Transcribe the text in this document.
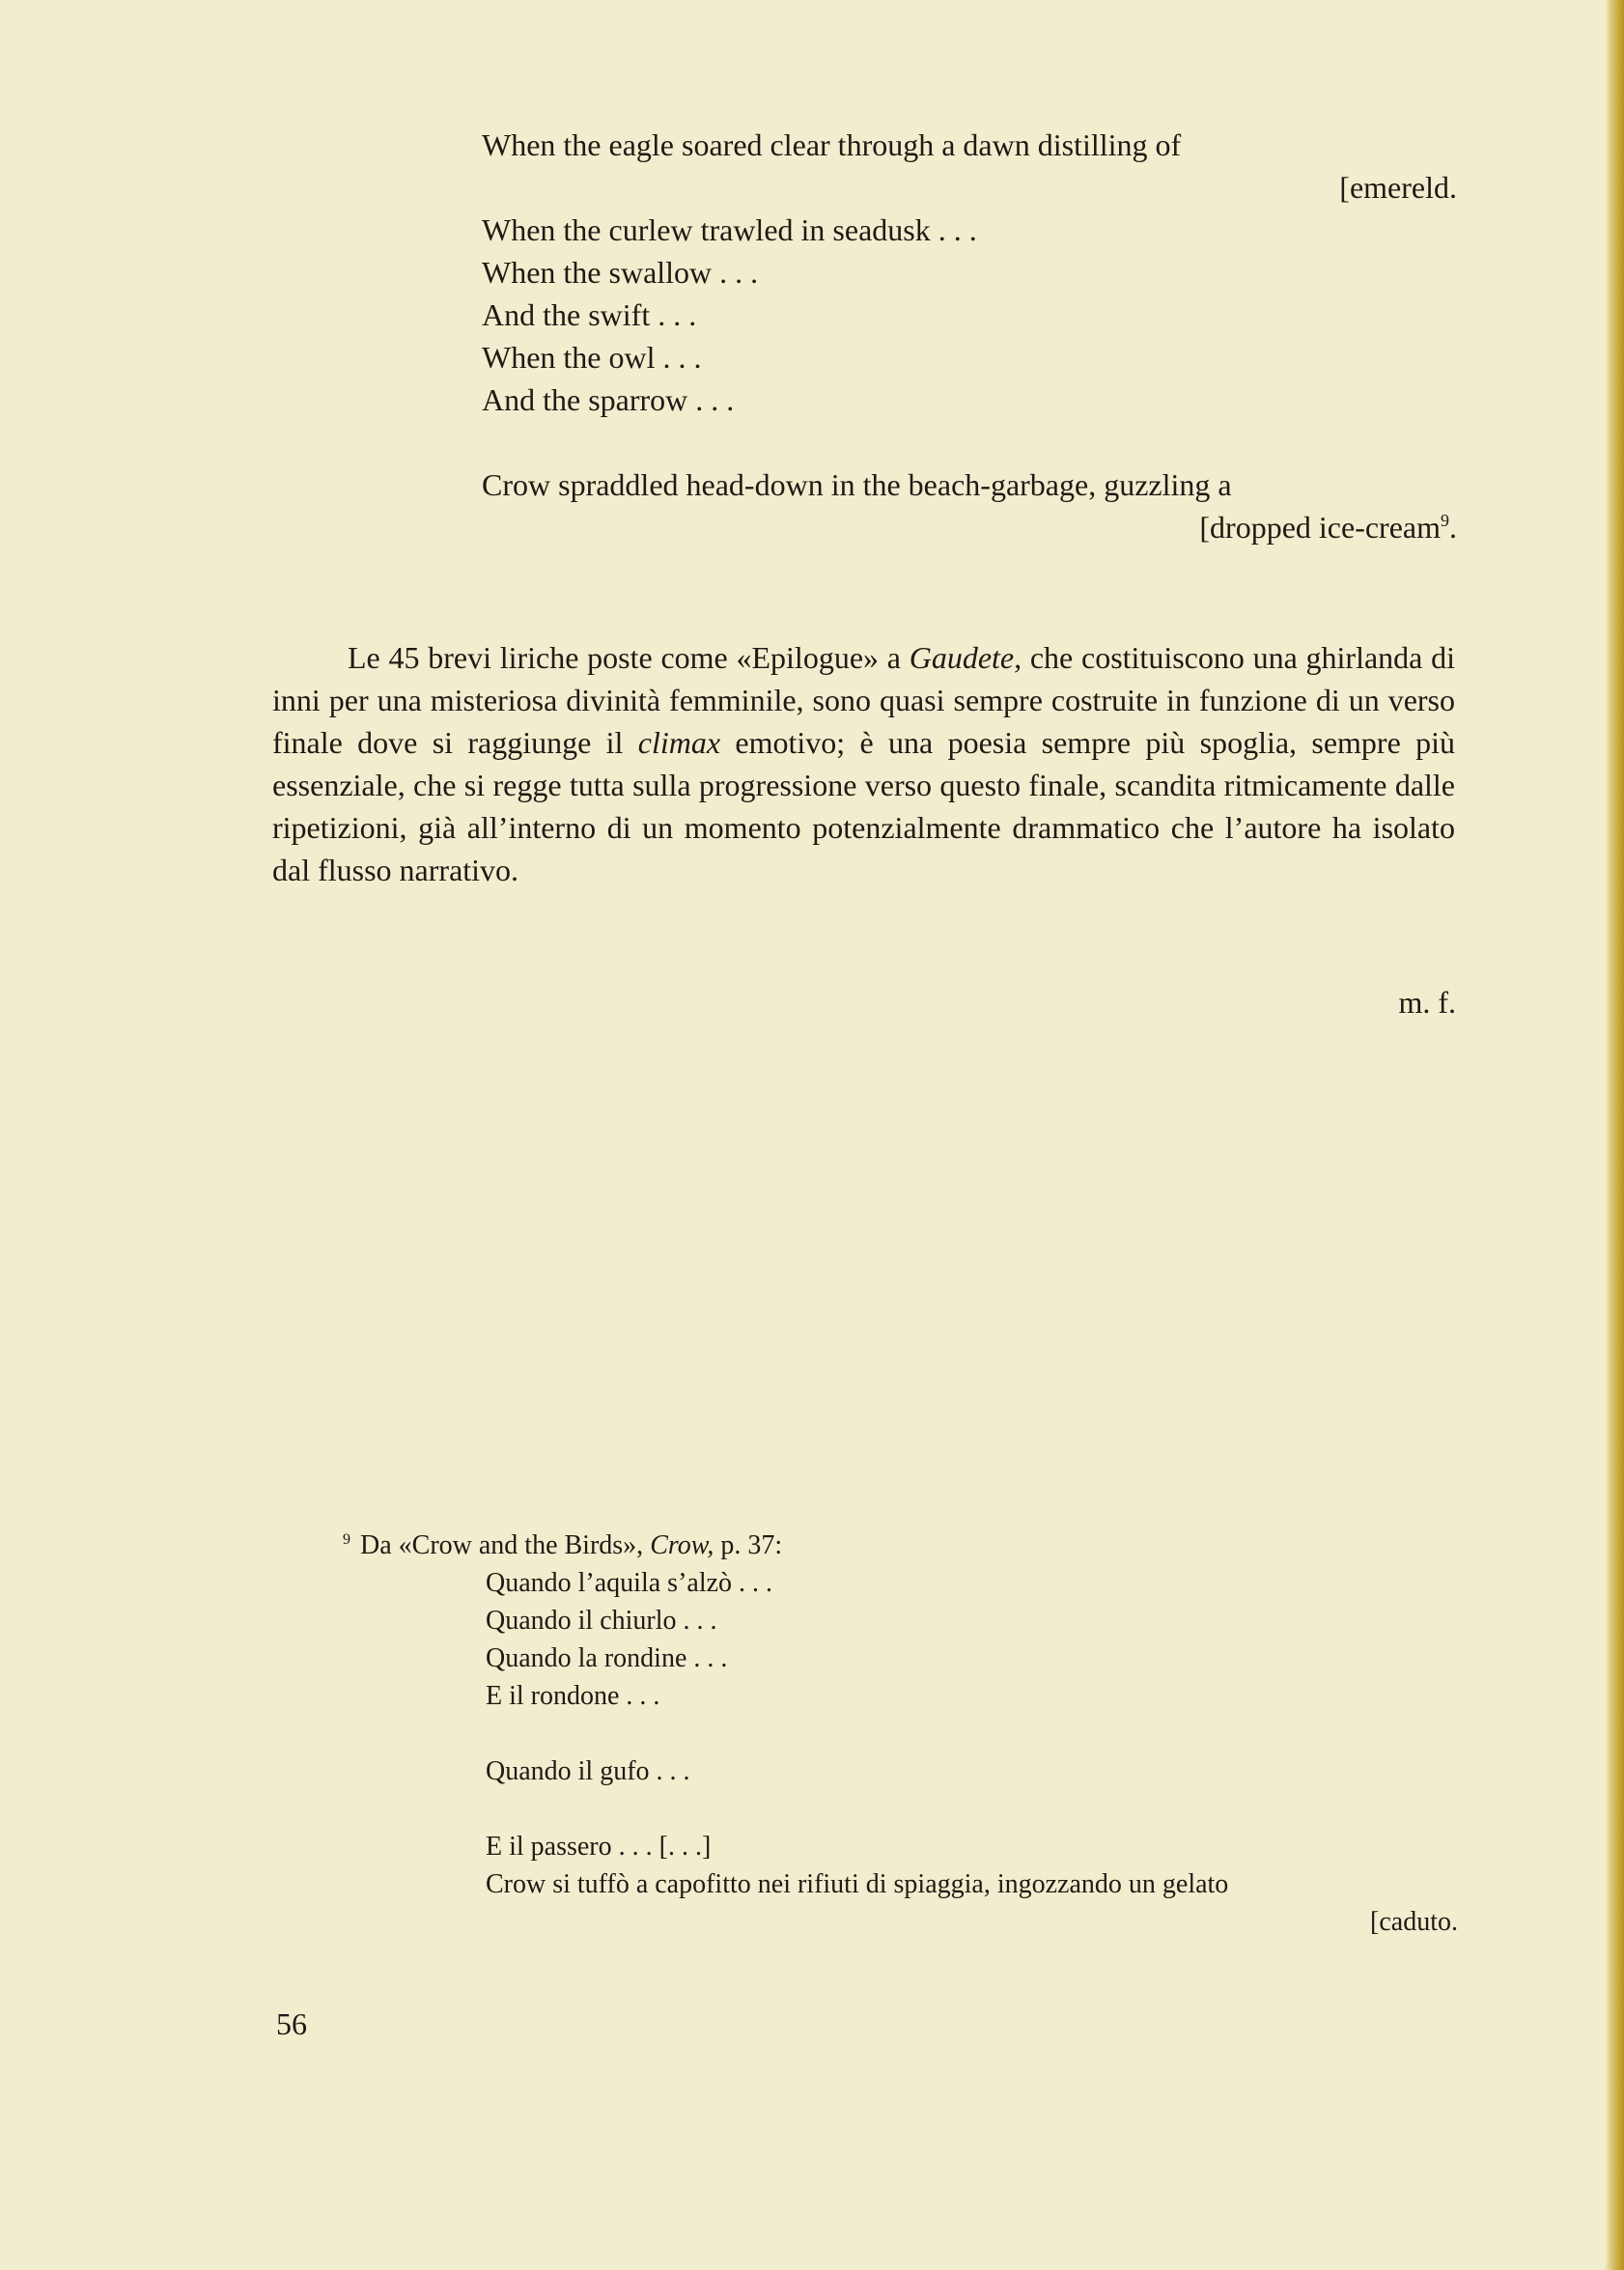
When the eagle soared clear through a dawn distilling of
[emereld.
When the curlew trawled in seadusk . . .
When the swallow . . .
And the swift . . .
When the owl . . .
And the sparrow . . .
Crow spraddled head-down in the beach-garbage, guzzling a
[dropped ice-cream$^9$.

Le 45 brevi liriche poste come «Epilogue» a Gaudete, che costituiscono una ghirlanda di inni per una misteriosa divinità femminile, sono quasi sempre costruite in funzione di un verso finale dove si raggiunge il climax emotivo; è una poesia sempre più spoglia, sempre più essenziale, che si regge tutta sulla progressione verso questo finale, scandita ritmicamente dalle ripetizioni, già all’interno di un momento potenzialmente drammatico che l’autore ha isolato dal flusso narrativo.

m. f.
$^9$ Da «Crow and the Birds», Crow, p. 37:
Quando l’aquila s’alzò . . .
Quando il chiurlo . . .
Quando la rondine . . .
E il rondone . . .
Quando il gufo . . .
E il passero . . . [. . .]
Crow si tuffò a capofitto nei rifiuti di spiaggia, ingozzando un gelato
[caduto.
56
